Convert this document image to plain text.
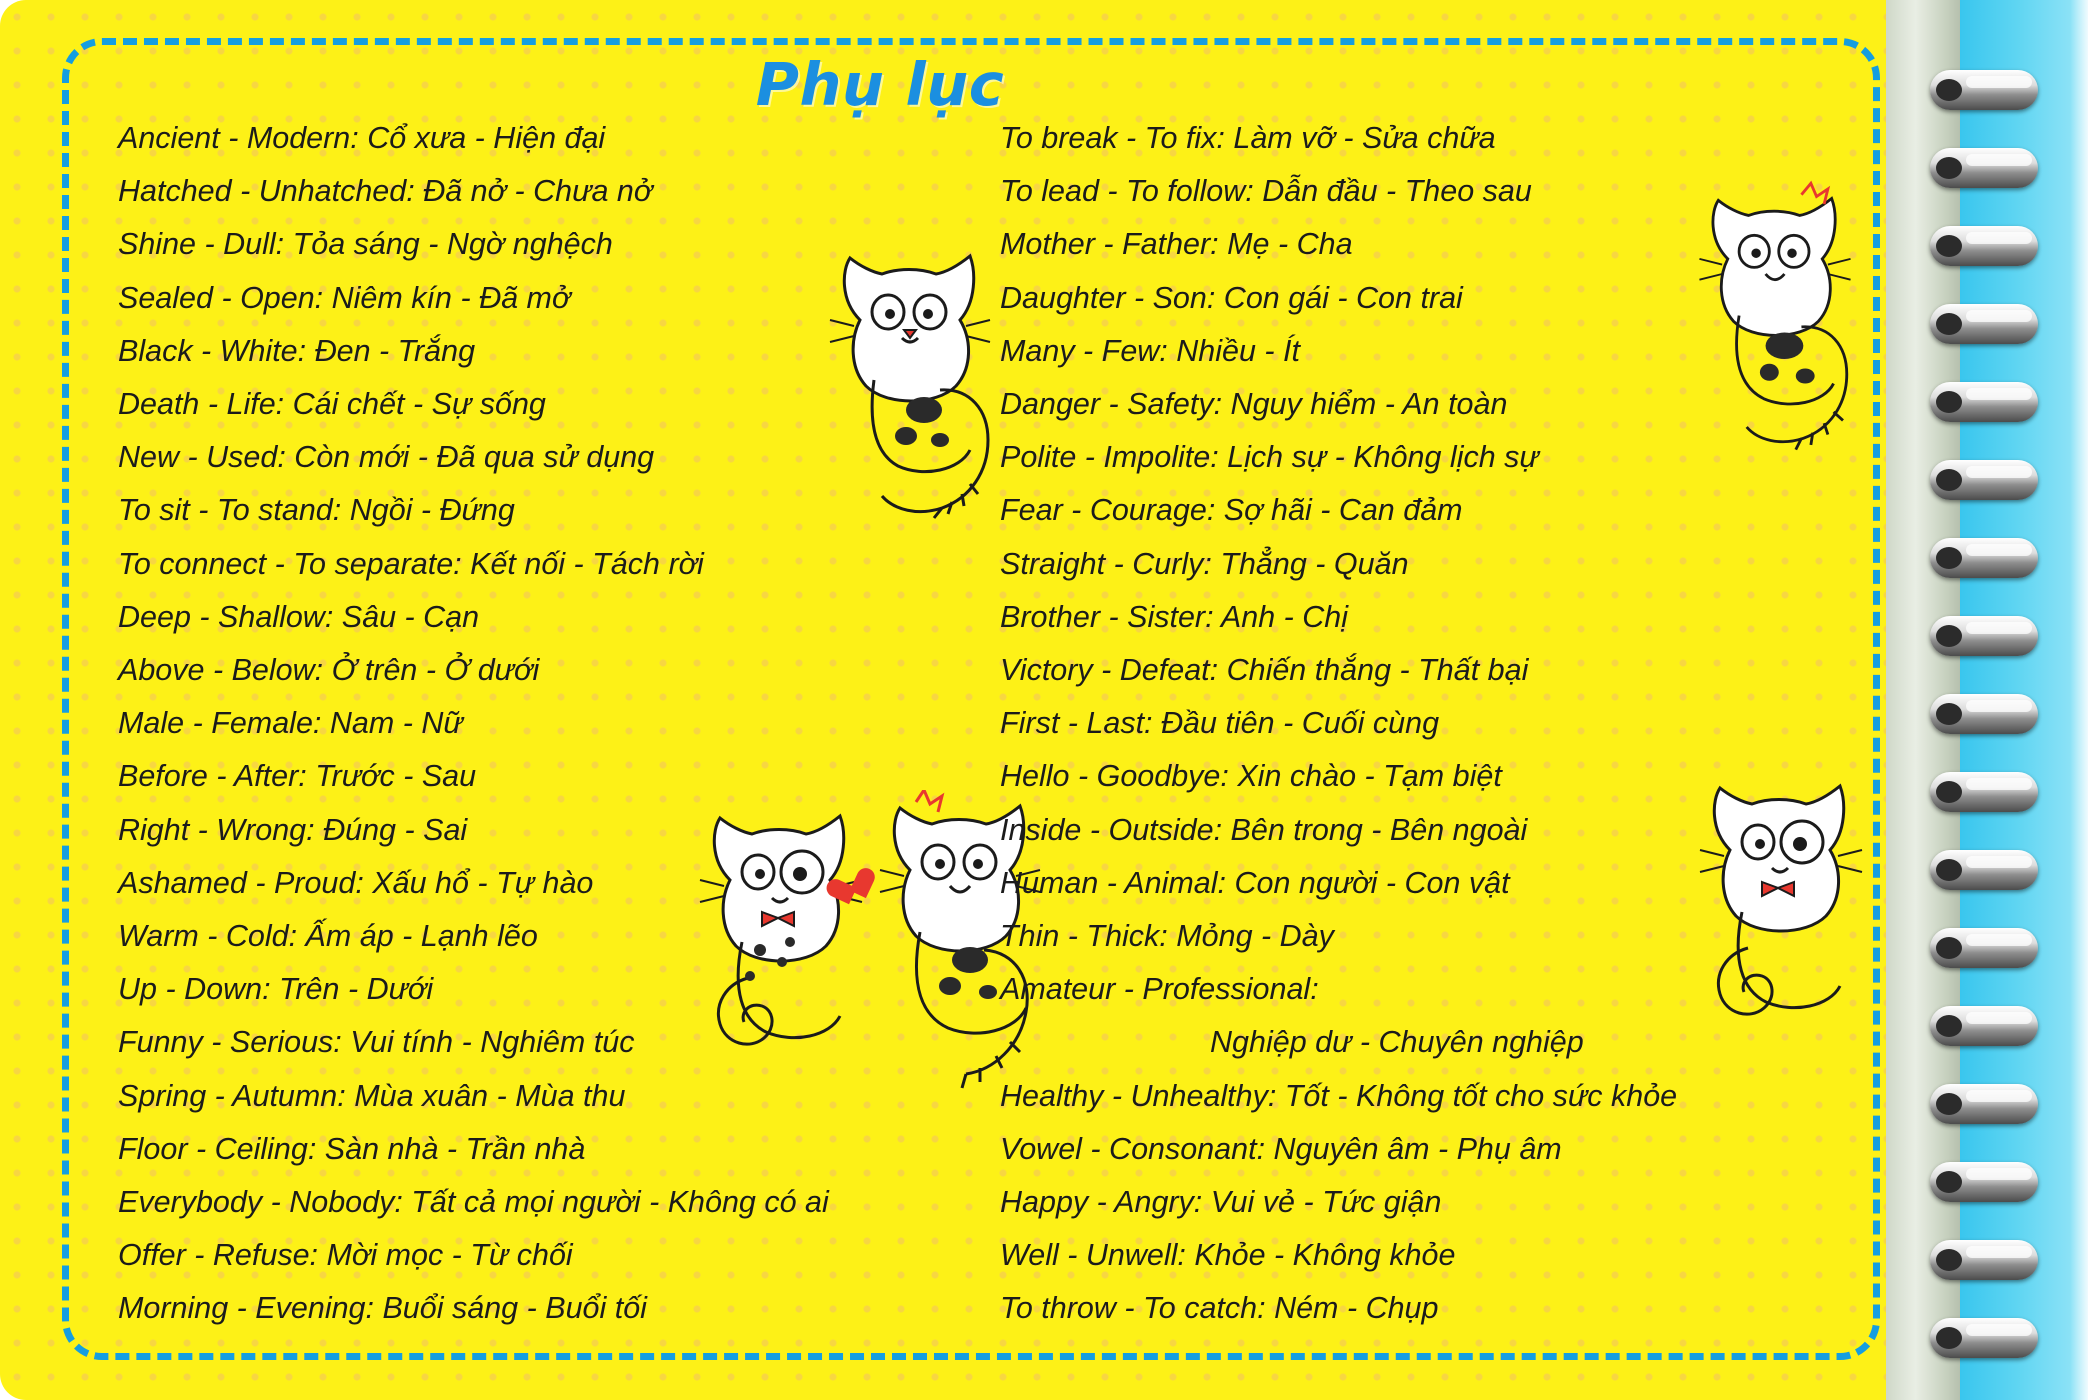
Phụ lục
Ancient - Modern: Cổ xưa - Hiện đại
Hatched - Unhatched: Đã nở - Chưa nở
Shine - Dull: Tỏa sáng - Ngờ nghệch
Sealed - Open: Niêm kín - Đã mở
Black - White: Đen - Trắng
Death - Life: Cái chết - Sự sống
New - Used: Còn mới - Đã qua sử dụng
To sit - To stand: Ngồi - Đứng
To connect - To separate: Kết nối - Tách rời
Deep - Shallow: Sâu - Cạn
Above - Below: Ở trên - Ở dưới
Male - Female: Nam - Nữ
Before - After: Trước - Sau
Right - Wrong: Đúng - Sai
Ashamed - Proud: Xấu hổ - Tự hào
Warm - Cold: Ấm áp - Lạnh lẽo
Up - Down: Trên - Dưới
Funny - Serious: Vui tính - Nghiêm túc
Spring - Autumn: Mùa xuân - Mùa thu
Floor - Ceiling: Sàn nhà - Trần nhà
Everybody - Nobody: Tất cả mọi người - Không có ai
Offer - Refuse: Mời mọc - Từ chối
Morning - Evening: Buổi sáng - Buổi tối
To break - To fix: Làm vỡ - Sửa chữa
To lead - To follow: Dẫn đầu - Theo sau
Mother - Father: Mẹ - Cha
Daughter - Son: Con gái - Con trai
Many - Few: Nhiều - Ít
Danger - Safety: Nguy hiểm - An toàn
Polite - Impolite: Lịch sự - Không lịch sự
Fear - Courage: Sợ hãi - Can đảm
Straight - Curly: Thẳng - Quăn
Brother - Sister: Anh - Chị
Victory - Defeat: Chiến thắng - Thất bại
First - Last: Đầu tiên - Cuối cùng
Hello - Goodbye: Xin chào - Tạm biệt
Inside - Outside: Bên trong - Bên ngoài
Human - Animal: Con người - Con vật
Thin - Thick: Mỏng - Dày
Amateur - Professional:
Nghiệp dư - Chuyên nghiệp
Healthy - Unhealthy: Tốt - Không tốt cho sức khỏe
Vowel - Consonant: Nguyên âm - Phụ âm
Happy - Angry: Vui vẻ - Tức giận
Well - Unwell: Khỏe - Không khỏe
To throw - To catch: Ném - Chụp
